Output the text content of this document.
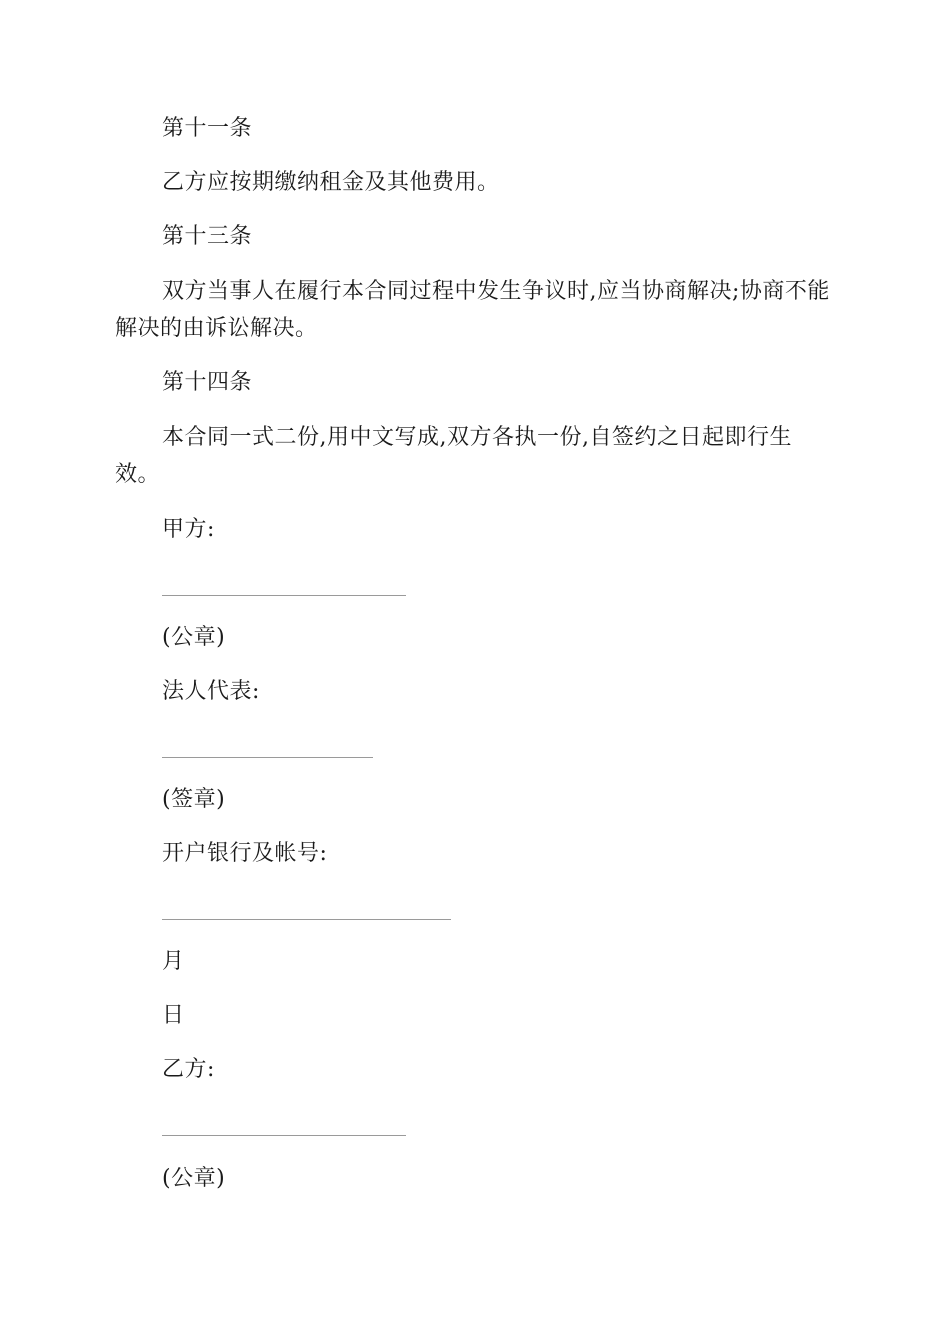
第十一条
乙方应按期缴纳租金及其他费用。
第十三条
双方当事人在履行本合同过程中发生争议时,应当协商解决;协商不能
解决的由诉讼解决。
第十四条
本合同一式二份,用中文写成,双方各执一份,自签约之日起即行生
效。
甲方:
(公章)
法人代表:
(签章)
开户银行及帐号:
月
日
乙方:
(公章)
